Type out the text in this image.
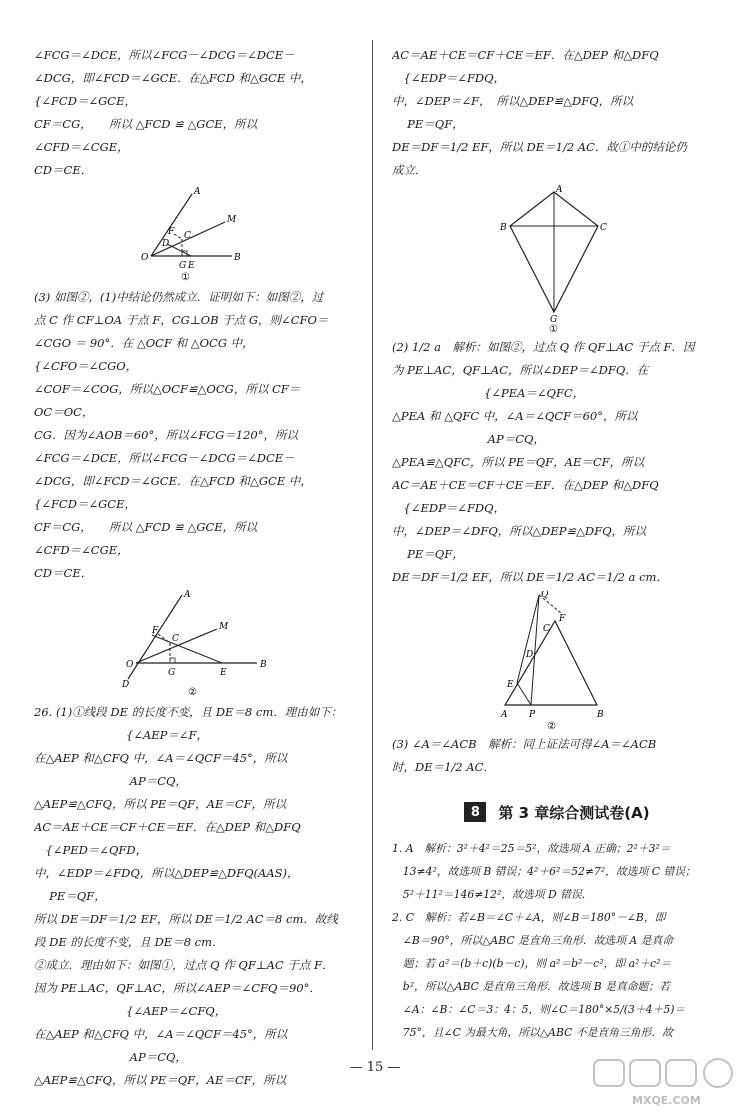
∠FCG＝∠DCE，所以∠FCG－∠DCG＝∠DCE－
∠DCG，即∠FCD＝∠GCE．在△FCD 和△GCE 中，
{∠FCD＝∠GCE，
CF＝CG，　　所以 △FCD ≌ △GCE，所以
∠CFD＝∠CGE，
CD＝CE．
O
A
M
B
F C
D
G E
①
(3) 如图②，(1)中结论仍然成立．证明如下：如图②，过
点 C 作 CF⊥OA 于点 F，CG⊥OB 于点 G，则∠CFO＝
∠CGO ＝ 90°．在 △OCF 和 △OCG 中，
{∠CFO＝∠CGO，
∠COF＝∠COG，所以△OCF≌△OCG，所以 CF＝
OC＝OC，
CG．因为∠AOB＝60°，所以∠FCG＝120°，所以
∠FCG＝∠DCE，所以∠FCG－∠DCG＝∠DCE－
∠DCG，即∠FCD＝∠GCE．在△FCD 和△GCE 中，
{∠FCD＝∠GCE，
CF＝CG，　　所以 △FCD ≌ △GCE，所以
∠CFD＝∠CGE，
CD＝CE．
A
M
B
F
C
O
G	E
D
②
26. (1)①线段 DE 的长度不变，且 DE＝8 cm．理由如下：
　　　　　　　　{∠AEP＝∠F，
在△AEP 和△CFQ 中，∠A＝∠QCF＝45°，所以
　　　　　　　　 AP＝CQ，
△AEP≌△CFQ，所以 PE＝QF，AE＝CF，所以
AC＝AE＋CE＝CF＋CE＝EF．在△DEP 和△DFQ
　{∠PED＝∠QFD，
中，∠EDP＝∠FDQ，所以△DEP≌△DFQ(AAS)，
　 PE＝QF，
所以 DE＝DF＝1/2 EF，所以 DE＝1/2 AC＝8 cm．故线
段 DE 的长度不变，且 DE＝8 cm．
②成立．理由如下：如图①，过点 Q 作 QF⊥AC 于点 F．
因为 PE⊥AC，QF⊥AC，所以∠AEP＝∠CFQ＝90°．
　　　　　　　　{∠AEP＝∠CFQ，
在△AEP 和△CFQ 中，∠A＝∠QCF＝45°，所以
　　　　　　　　 AP＝CQ，
△AEP≌△CFQ，所以 PE＝QF，AE＝CF，所以
AC＝AE＋CE＝CF＋CE＝EF．在△DEP 和△DFQ
　{∠EDP＝∠FDQ，
中，∠DEP＝∠F，　所以△DEP≌△DFQ，所以
　 PE＝QF，
DE＝DF＝1/2 EF，所以 DE＝1/2 AC．故①中的结论仍
成立．
A
B	C
G
①
(2) 1/2 a　解析：如图②，过点 Q 作 QF⊥AC 于点 F．因
为 PE⊥AC，QF⊥AC，所以∠DEP＝∠DFQ．在
　　　　　　　　{∠PEA＝∠QFC，
△PEA 和 △QFC 中，∠A＝∠QCF＝60°，所以
　　　　　　　　 AP＝CQ，
△PEA≌△QFC，所以 PE＝QF，AE＝CF，所以
AC＝AE＋CE＝CF＋CE＝EF．在△DEP 和△DFQ
　{∠EDP＝∠FDQ，
中，∠DEP＝∠DFQ，所以△DEP≌△DFQ，所以
　 PE＝QF，
DE＝DF＝1/2 EF，所以 DE＝1/2 AC＝1/2 a cm．
Q
F
C
D
E
A P	B
②
(3) ∠A＝∠ACB　解析：同上证法可得∠A＝∠ACB
时，DE＝1/2 AC．
8	第 3 章综合测试卷(A)
1. A　解析：3²＋4²＝25＝5²，故选项 A 正确；2²＋3²＝
　13≠4²，故选项 B 错误；4²＋6²＝52≠7²，故选项 C 错误；
　5²＋11²＝146≠12²，故选项 D 错误．
2. C　解析：若∠B＝∠C＋∠A，则∠B＝180°－∠B，即
　∠B＝90°，所以△ABC 是直角三角形．故选项 A 是真命
　题；若 a²＝(b＋c)(b－c)，则 a²＝b²－c²，即 a²＋c²＝
　b²，所以△ABC 是直角三角形．故选项 B 是真命题；若
　∠A：∠B：∠C＝3：4：5，则∠C＝180°×5/(3＋4＋5)＝
　75°，且∠C 为最大角，所以△ABC 不是直角三角形．故
— 15 —
MXQE.COM
